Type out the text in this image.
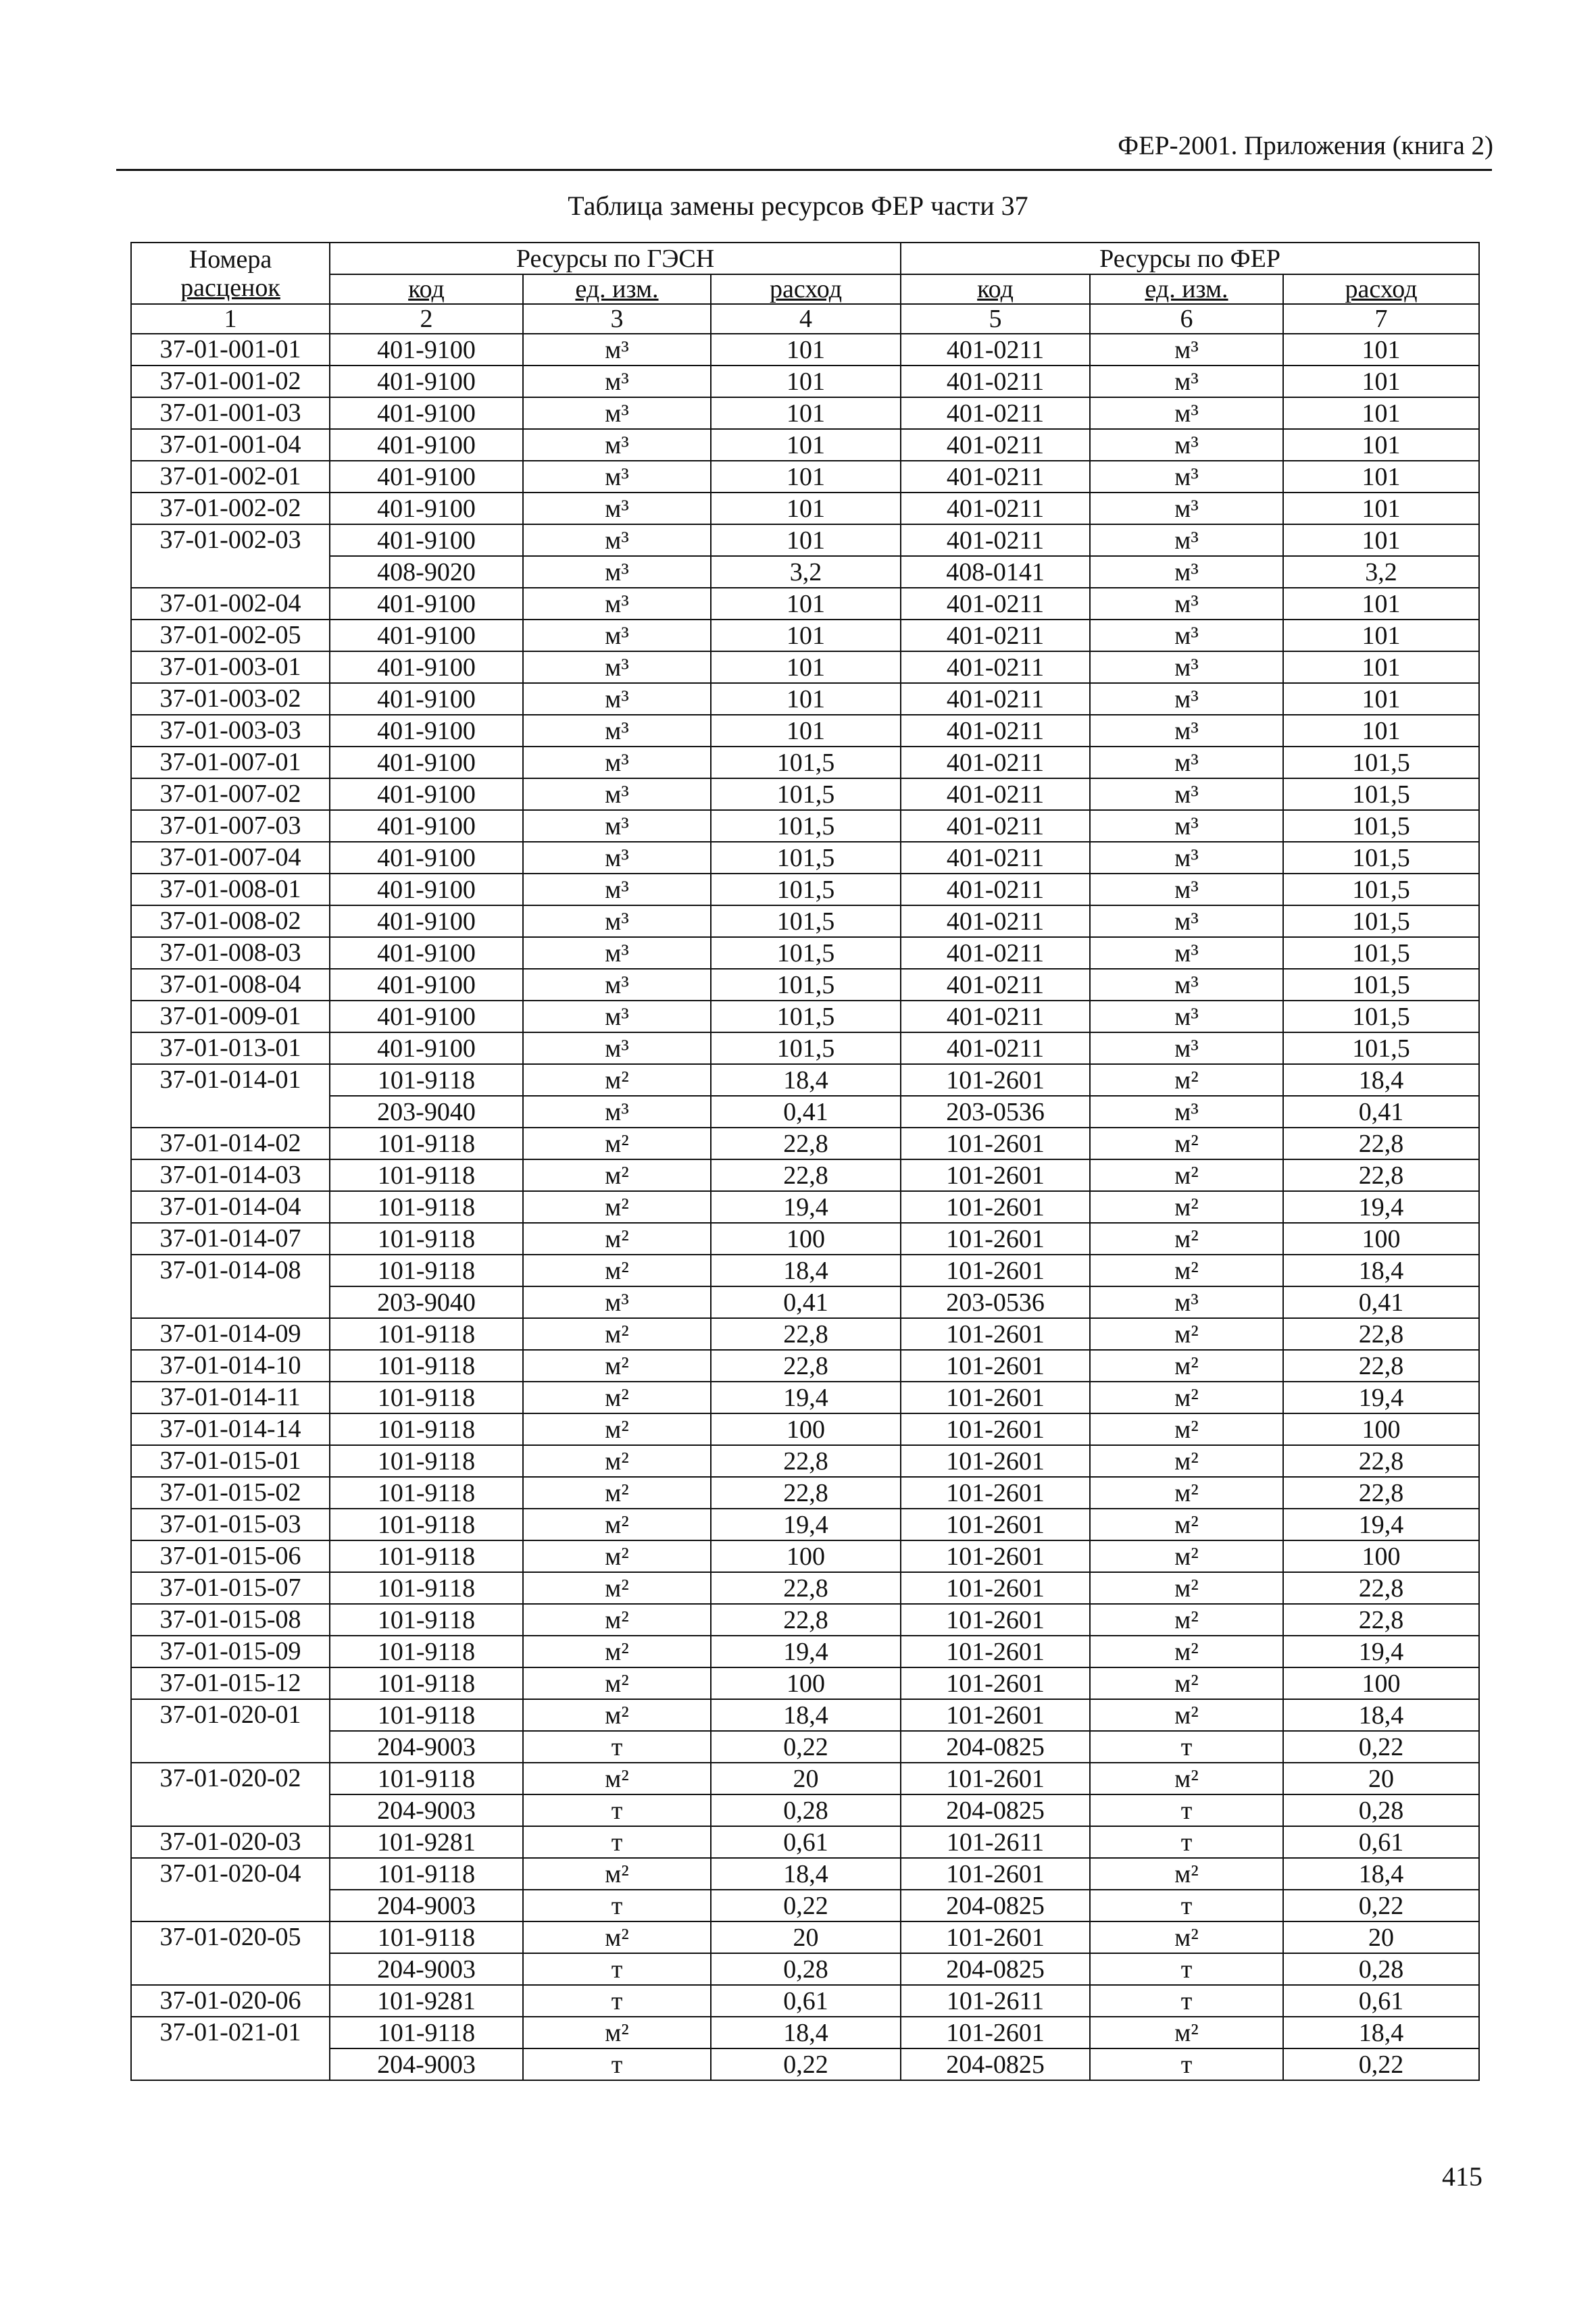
ФЕР-2001. Приложения (книга 2)
Таблица замены ресурсов ФЕР части 37
Номера
расценок	Ресурсы по ГЭСН			Ресурсы по ФЕР		
	код	ед. изм.	расход	код	ед. изм.	расход
1	2	3	4	5	6	7
37-01-001-01	401-9100	м³	101	401-0211	м³	101
37-01-001-02	401-9100	м³	101	401-0211	м³	101
37-01-001-03	401-9100	м³	101	401-0211	м³	101
37-01-001-04	401-9100	м³	101	401-0211	м³	101
37-01-002-01	401-9100	м³	101	401-0211	м³	101
37-01-002-02	401-9100	м³	101	401-0211	м³	101
37-01-002-03	401-9100	м³	101	401-0211	м³	101
	408-9020	м³	3,2	408-0141	м³	3,2
37-01-002-04	401-9100	м³	101	401-0211	м³	101
37-01-002-05	401-9100	м³	101	401-0211	м³	101
37-01-003-01	401-9100	м³	101	401-0211	м³	101
37-01-003-02	401-9100	м³	101	401-0211	м³	101
37-01-003-03	401-9100	м³	101	401-0211	м³	101
37-01-007-01	401-9100	м³	101,5	401-0211	м³	101,5
37-01-007-02	401-9100	м³	101,5	401-0211	м³	101,5
37-01-007-03	401-9100	м³	101,5	401-0211	м³	101,5
37-01-007-04	401-9100	м³	101,5	401-0211	м³	101,5
37-01-008-01	401-9100	м³	101,5	401-0211	м³	101,5
37-01-008-02	401-9100	м³	101,5	401-0211	м³	101,5
37-01-008-03	401-9100	м³	101,5	401-0211	м³	101,5
37-01-008-04	401-9100	м³	101,5	401-0211	м³	101,5
37-01-009-01	401-9100	м³	101,5	401-0211	м³	101,5
37-01-013-01	401-9100	м³	101,5	401-0211	м³	101,5
37-01-014-01	101-9118	м²	18,4	101-2601	м²	18,4
	203-9040	м³	0,41	203-0536	м³	0,41
37-01-014-02	101-9118	м²	22,8	101-2601	м²	22,8
37-01-014-03	101-9118	м²	22,8	101-2601	м²	22,8
37-01-014-04	101-9118	м²	19,4	101-2601	м²	19,4
37-01-014-07	101-9118	м²	100	101-2601	м²	100
37-01-014-08	101-9118	м²	18,4	101-2601	м²	18,4
	203-9040	м³	0,41	203-0536	м³	0,41
37-01-014-09	101-9118	м²	22,8	101-2601	м²	22,8
37-01-014-10	101-9118	м²	22,8	101-2601	м²	22,8
37-01-014-11	101-9118	м²	19,4	101-2601	м²	19,4
37-01-014-14	101-9118	м²	100	101-2601	м²	100
37-01-015-01	101-9118	м²	22,8	101-2601	м²	22,8
37-01-015-02	101-9118	м²	22,8	101-2601	м²	22,8
37-01-015-03	101-9118	м²	19,4	101-2601	м²	19,4
37-01-015-06	101-9118	м²	100	101-2601	м²	100
37-01-015-07	101-9118	м²	22,8	101-2601	м²	22,8
37-01-015-08	101-9118	м²	22,8	101-2601	м²	22,8
37-01-015-09	101-9118	м²	19,4	101-2601	м²	19,4
37-01-015-12	101-9118	м²	100	101-2601	м²	100
37-01-020-01	101-9118	м²	18,4	101-2601	м²	18,4
	204-9003	т	0,22	204-0825	т	0,22
37-01-020-02	101-9118	м²	20	101-2601	м²	20
	204-9003	т	0,28	204-0825	т	0,28
37-01-020-03	101-9281	т	0,61	101-2611	т	0,61
37-01-020-04	101-9118	м²	18,4	101-2601	м²	18,4
	204-9003	т	0,22	204-0825	т	0,22
37-01-020-05	101-9118	м²	20	101-2601	м²	20
	204-9003	т	0,28	204-0825	т	0,28
37-01-020-06	101-9281	т	0,61	101-2611	т	0,61
37-01-021-01	101-9118	м²	18,4	101-2601	м²	18,4
	204-9003	т	0,22	204-0825	т	0,22
415
